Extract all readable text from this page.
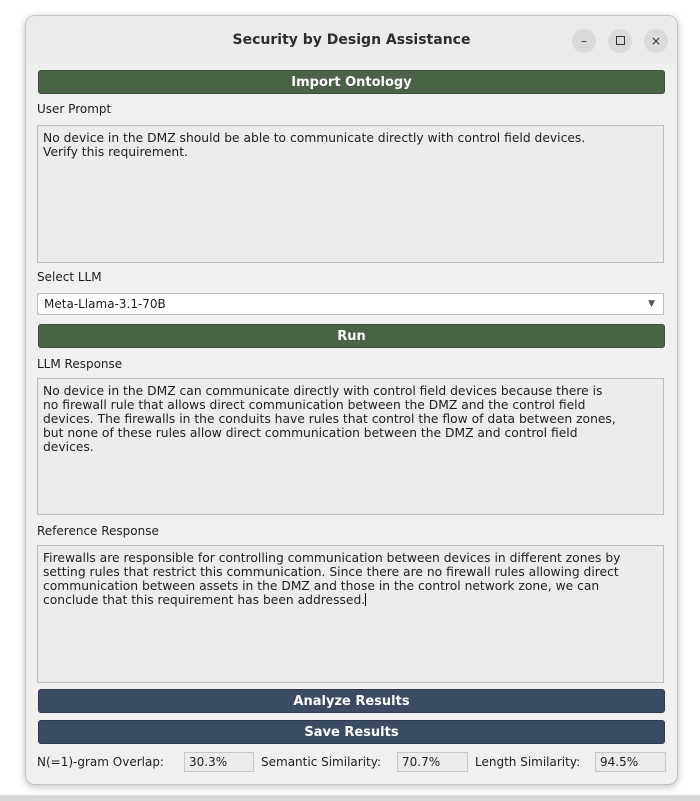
Security by Design Assistance	–	×
Import Ontology
User Prompt
No device in the DMZ should be able to communicate directly with control field devices.
Verify this requirement.
Select LLM
Meta-Llama-3.1-70B	▼
Run
LLM Response
No device in the DMZ can communicate directly with control field devices because there is
no firewall rule that allows direct communication between the DMZ and the control field
devices. The firewalls in the conduits have rules that control the flow of data between zones,
but none of these rules allow direct communication between the DMZ and control field
devices.
Reference Response
Firewalls are responsible for controlling communication between devices in different zones by
setting rules that restrict this communication. Since there are no firewall rules allowing direct
communication between assets in the DMZ and those in the control network zone, we can
conclude that this requirement has been addressed.
Analyze Results
Save Results
N(=1)-gram Overlap:	30.3%	Semantic Similarity:	70.7%	Length Similarity:	94.5%
